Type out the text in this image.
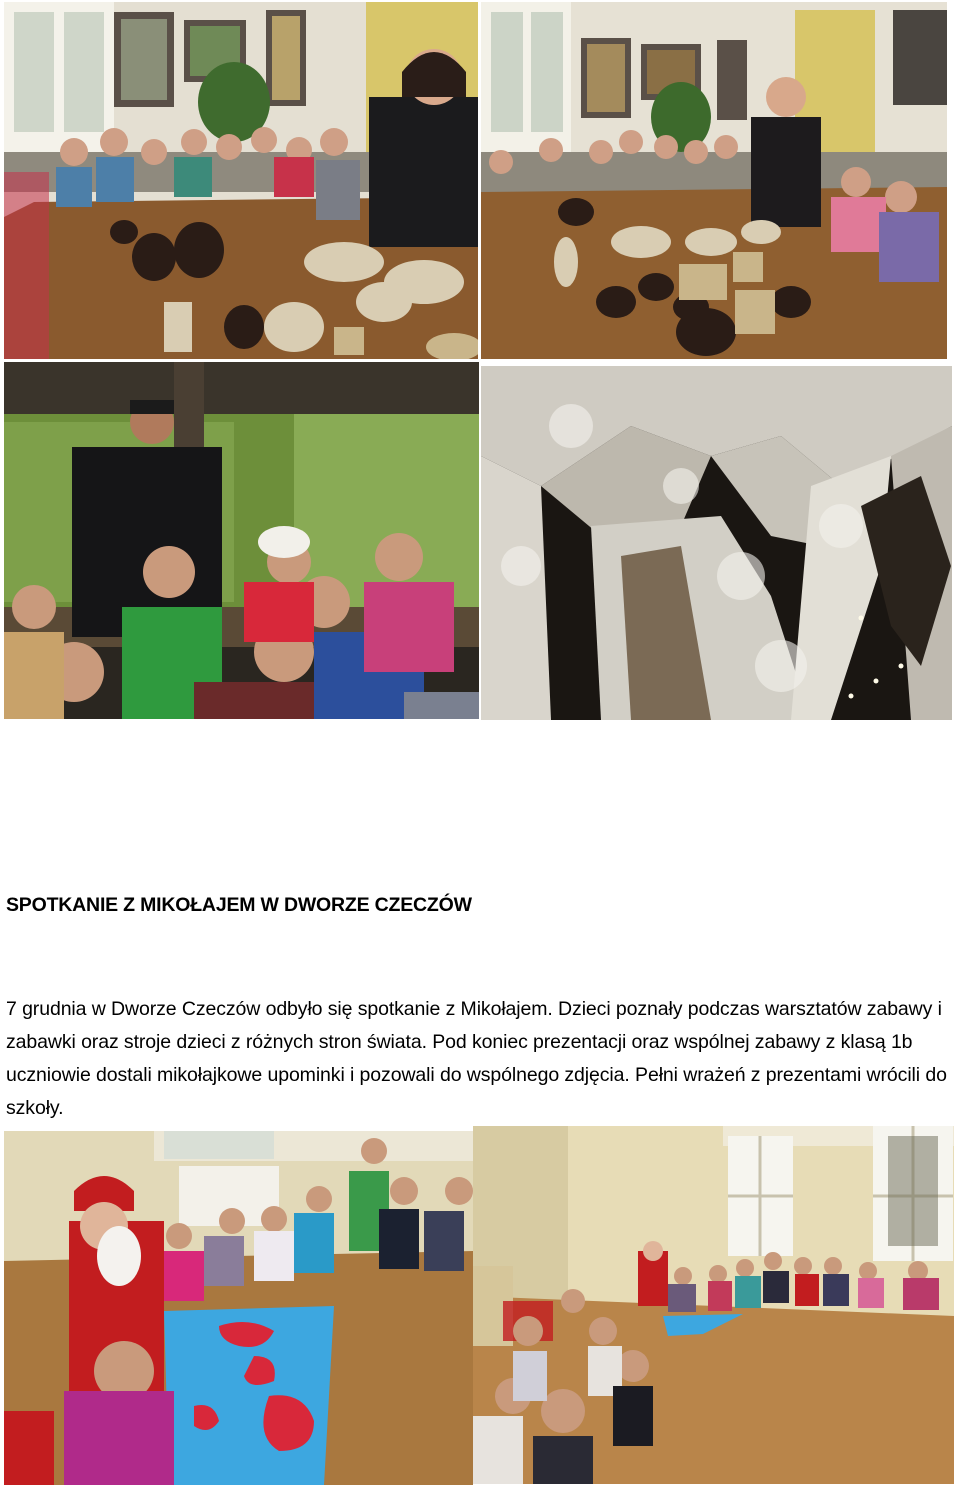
SPOTKANIE Z MIKOŁAJEM W DWORZE CZECZÓW

7 grudnia w Dworze Czeczów odbyło się spotkanie z Mikołajem. Dzieci poznały podczas warsztatów zabawy i zabawki oraz stroje dzieci z różnych stron świata. Pod koniec prezentacji oraz wspólnej zabawy z klasą 1b uczniowie dostali mikołajkowe upominki i pozowali do wspólnego zdjęcia. Pełni wrażeń z prezentami wrócili do szkoły.
